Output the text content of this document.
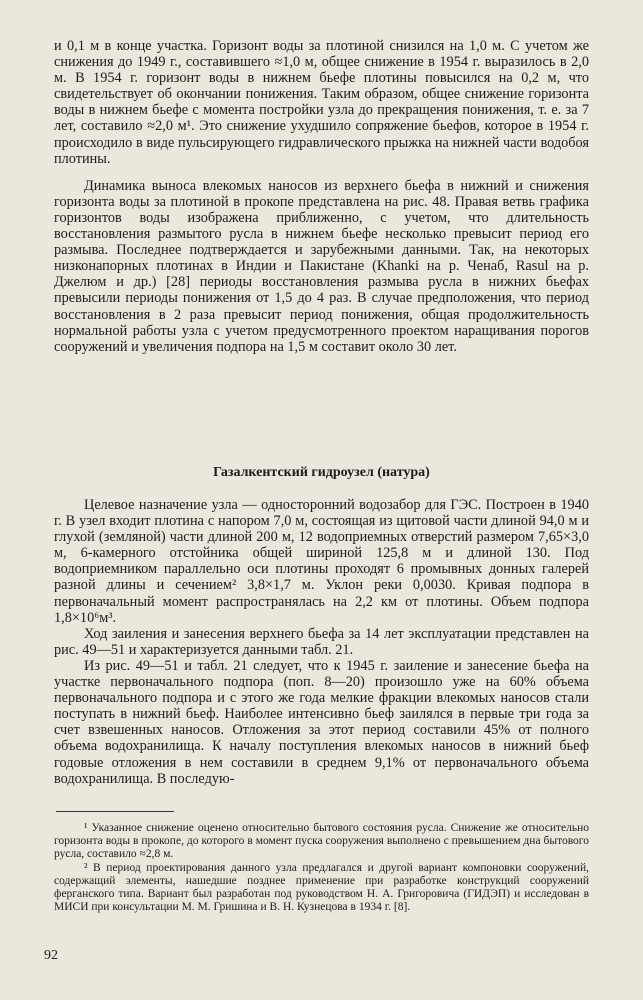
и 0,1 м в конце участка. Горизонт воды за плотиной снизился на 1,0 м. С учетом же снижения до 1949 г., составившего ≈1,0 м, общее снижение в 1954 г. выразилось в 2,0 м. В 1954 г. горизонт воды в нижнем бьефе плотины повысился на 0,2 м, что свидетельствует об окончании понижения. Таким образом, общее снижение горизонта воды в нижнем бьефе с момента постройки узла до прекращения понижения, т. е. за 7 лет, составило ≈2,0 м¹. Это снижение ухудшило сопряжение бьефов, которое в 1954 г. происходило в виде пульсирующего гидравлического прыжка на нижней части водобоя плотины.

Динамика выноса влекомых наносов из верхнего бьефа в нижний и снижения горизонта воды за плотиной в прокопе представлена на рис. 48. Правая ветвь графика горизонтов воды изображена приближенно, с учетом, что длительность восстановления размытого русла в нижнем бьефе несколько превысит период его размыва. Последнее подтверждается и зарубежными данными. Так, на некоторых низконапорных плотинах в Индии и Пакистане (Khanki на р. Ченаб, Rasul на р. Джелюм и др.) [28] периоды восстановления размыва русла в нижних бьефах превысили периоды понижения от 1,5 до 4 раз. В случае предположения, что период восстановления в 2 раза превысит период понижения, общая продолжительность нормальной работы узла с учетом предусмотренного проектом наращивания порогов сооружений и увеличения подпора на 1,5 м составит около 30 лет.

Газалкентский гидроузел (натура)

Целевое назначение узла — односторонний водозабор для ГЭС. Построен в 1940 г. В узел входит плотина с напором 7,0 м, состоящая из щитовой части длиной 94,0 м и глухой (земляной) части длиной 200 м, 12 водоприемных отверстий размером 7,65×3,0 м, 6-камерного отстойника общей шириной 125,8 м и длиной 130. Под водоприемником параллельно оси плотины проходят 6 промывных донных галерей разной длины и сечением² 3,8×1,7 м. Уклон реки 0,0030. Кривая подпора в первоначальный момент распространялась на 2,2 км от плотины. Объем подпора 1,8×10⁶м³.

Ход заиления и занесения верхнего бьефа за 14 лет эксплуатации представлен на рис. 49—51 и характеризуется данными табл. 21.

Из рис. 49—51 и табл. 21 следует, что к 1945 г. заиление и занесение бьефа на участке первоначального подпора (поп. 8—20) произошло уже на 60% объема первоначального подпора и с этого же года мелкие фракции влекомых наносов стали поступать в нижний бьеф. Наиболее интенсивно бьеф заилялся в первые три года за счет взвешенных наносов. Отложения за этот период составили 45% от полного объема водохранилища. К началу поступления влекомых наносов в нижний бьеф годовые отложения в нем составили в среднем 9,1% от первоначального объема водохранилища. В последую-

¹ Указанное снижение оценено относительно бытового состояния русла. Снижение же относительно горизонта воды в прокопе, до которого в момент пуска сооружения выполнено с превышением дна бытового русла, составило ≈2,8 м.

² В период проектирования данного узла предлагался и другой вариант компоновки сооружений, содержащий элементы, нашедшие позднее применение при разработке конструкций сооружений ферганского типа. Вариант был разработан под руководством Н. А. Григоровича (ГИДЭП) и исследован в МИСИ при консультации М. М. Гришина и В. Н. Кузнецова в 1934 г. [8].

92
